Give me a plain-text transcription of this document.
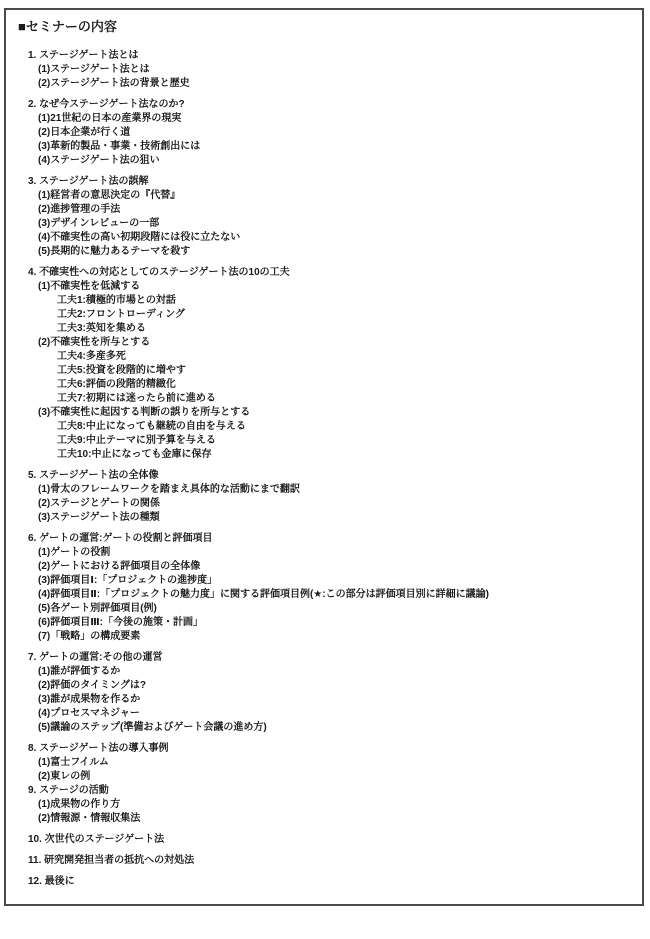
■セミナーの内容
1. ステージゲート法とは
(1)ステージゲート法とは
(2)ステージゲート法の背景と歴史
2. なぜ今ステージゲート法なのか?
(1)21世紀の日本の産業界の現実
(2)日本企業が行く道
(3)革新的製品・事業・技術創出には
(4)ステージゲート法の狙い
3. ステージゲート法の誤解
(1)経営者の意思決定の『代替』
(2)進捗管理の手法
(3)デザインレビューの一部
(4)不確実性の高い初期段階には役に立たない
(5)長期的に魅力あるテーマを殺す
4. 不確実性への対応としてのステージゲート法の10の工夫
(1)不確実性を低減する
工夫1:積極的市場との対話
工夫2:フロントローディング
工夫3:英知を集める
(2)不確実性を所与とする
工夫4:多産多死
工夫5:投資を段階的に増やす
工夫6:評価の段階的精緻化
工夫7:初期には迷ったら前に進める
(3)不確実性に起因する判断の誤りを所与とする
工夫8:中止になっても継続の自由を与える
工夫9:中止テーマに別予算を与える
工夫10:中止になっても金庫に保存
5. ステージゲート法の全体像
(1)骨太のフレームワークを踏まえ具体的な活動にまで翻訳
(2)ステージとゲートの関係
(3)ステージゲート法の種類
6. ゲートの運営:ゲートの役割と評価項目
(1)ゲートの役割
(2)ゲートにおける評価項目の全体像
(3)評価項目Ⅰ:「プロジェクトの進捗度」
(4)評価項目Ⅱ:「プロジェクトの魅力度」に関する評価項目例(★:この部分は評価項目別に詳細に議論)
(5)各ゲート別評価項目(例)
(6)評価項目Ⅲ:「今後の施策・計画」
(7)「戦略」の構成要素
7. ゲートの運営:その他の運営
(1)誰が評価するか
(2)評価のタイミングは?
(3)誰が成果物を作るか
(4)プロセスマネジャー
(5)議論のステップ(準備およびゲート会議の進め方)
8. ステージゲート法の導入事例
(1)富士フイルム
(2)東レの例
9. ステージの活動
(1)成果物の作り方
(2)情報源・情報収集法
10. 次世代のステージゲート法
11. 研究開発担当者の抵抗への対処法
12. 最後に
